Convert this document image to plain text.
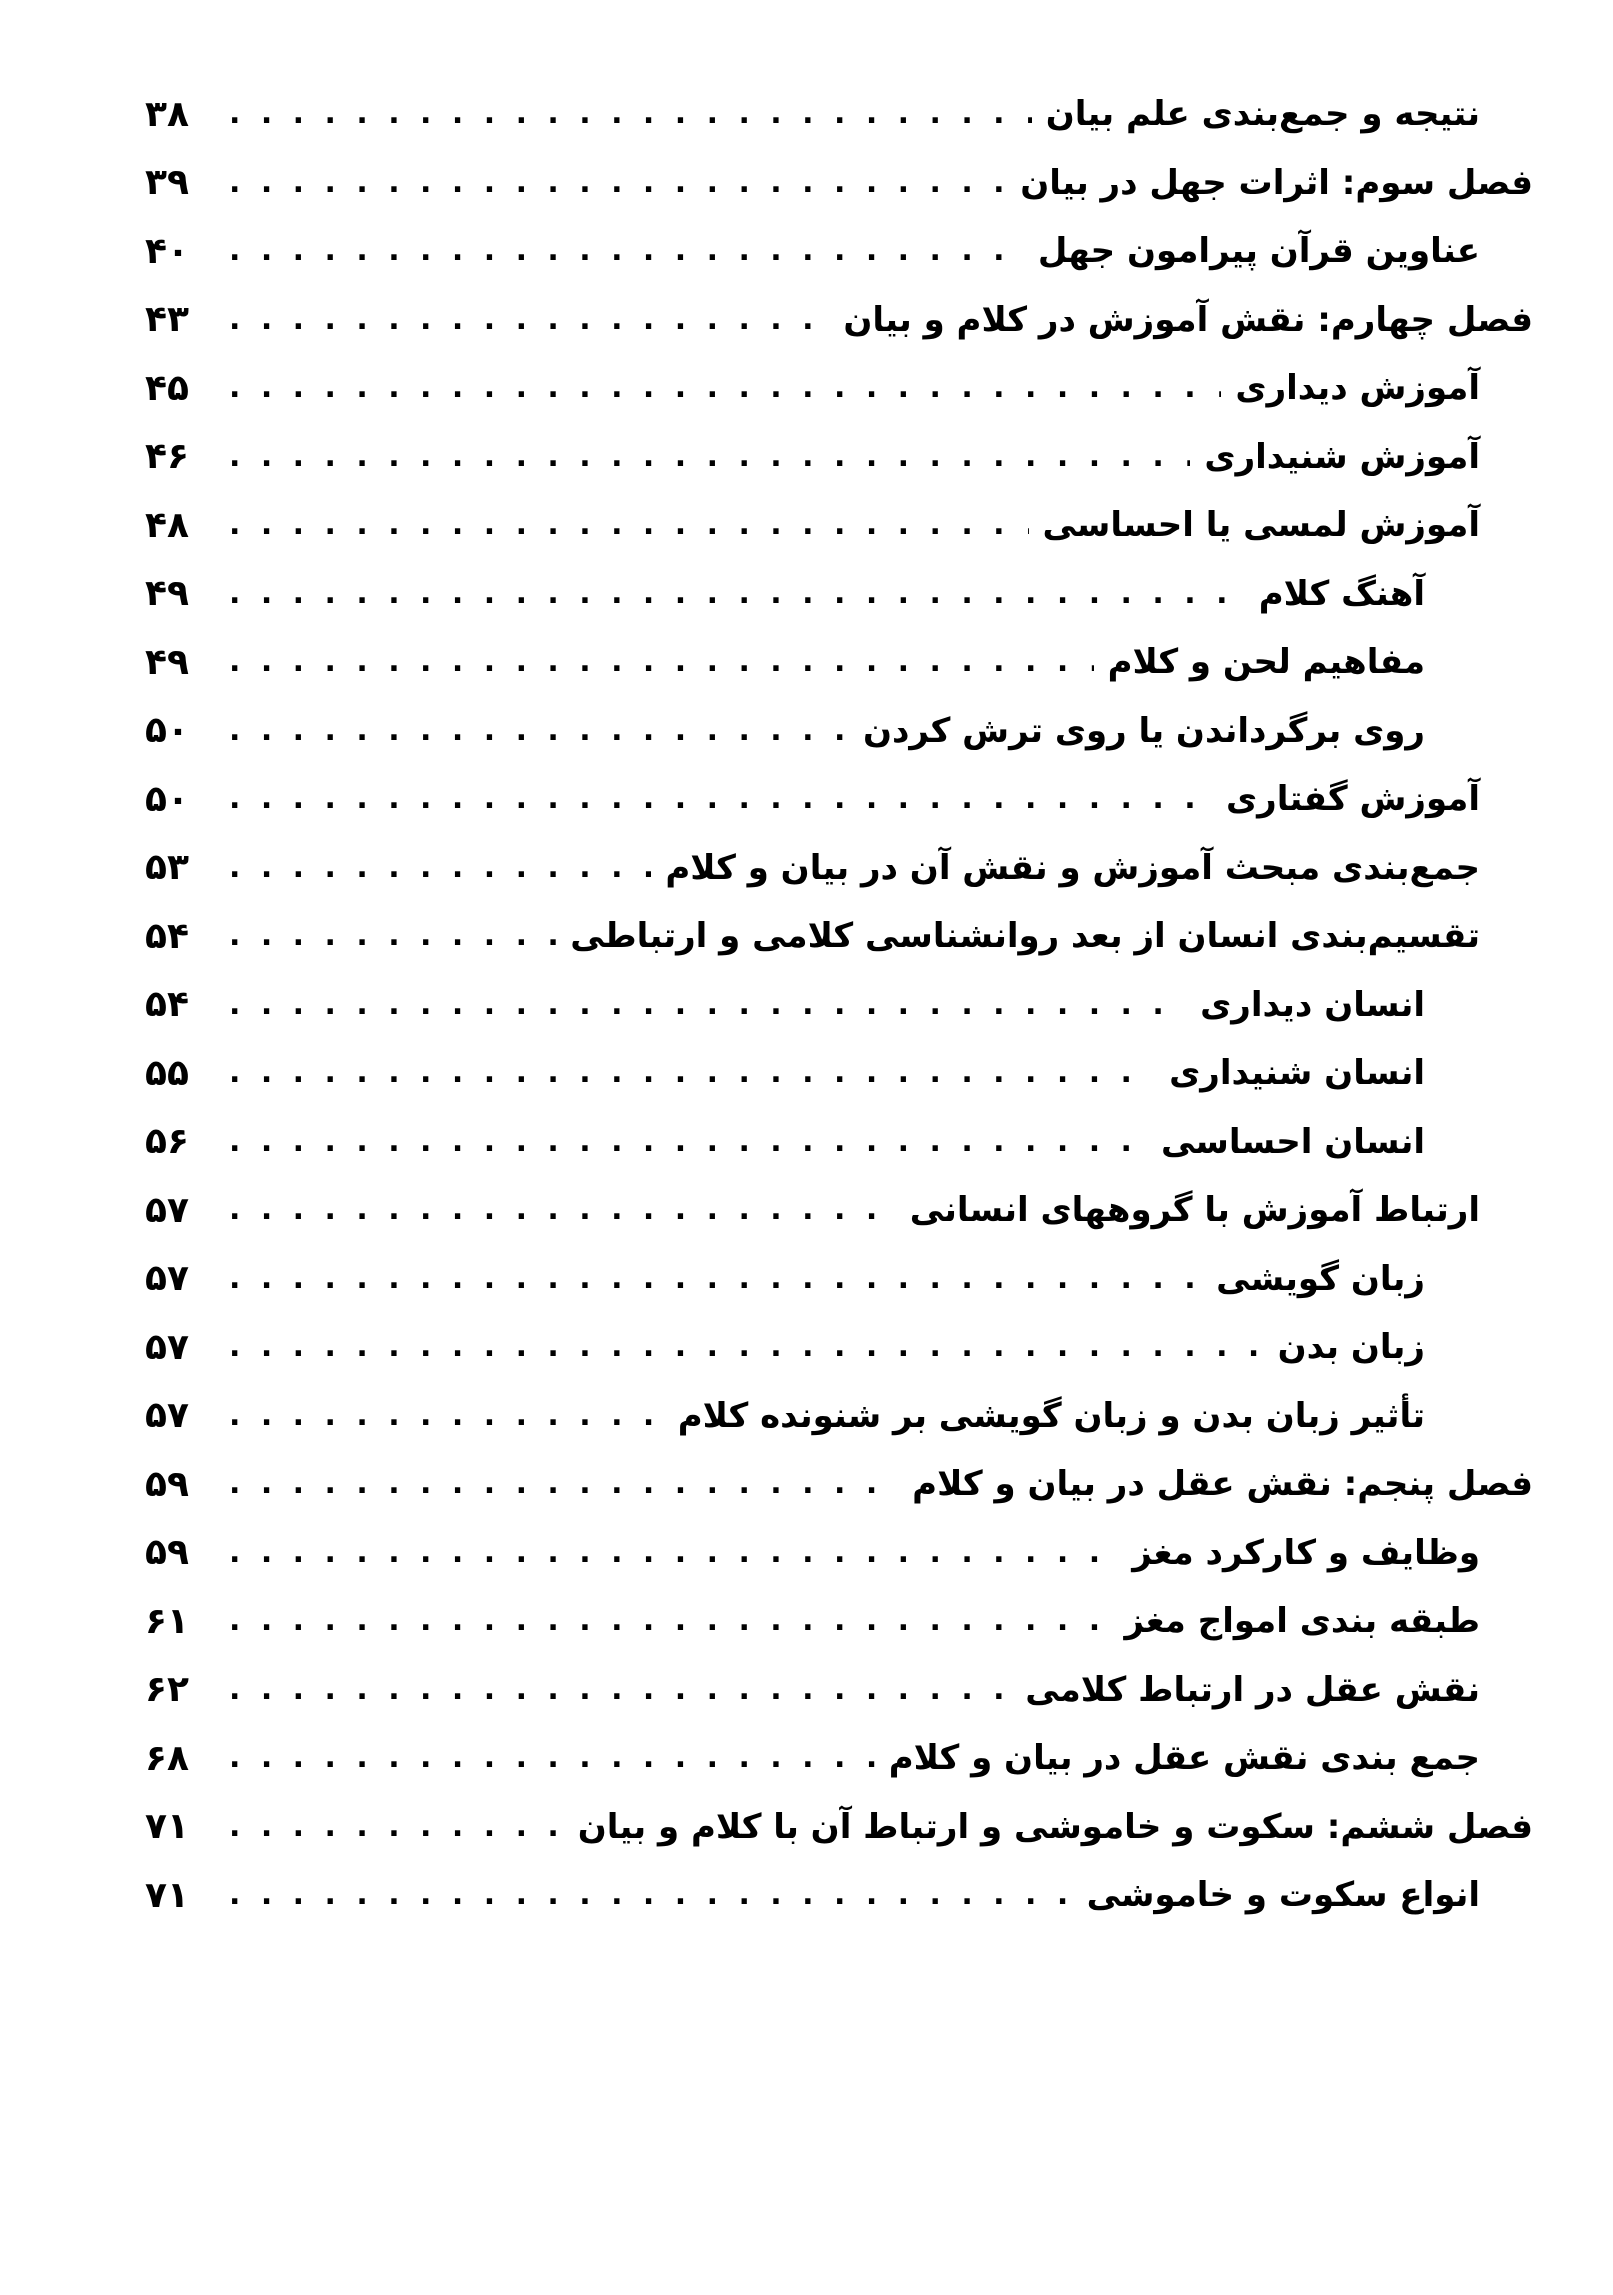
نتیجه و جمع‌بندی علم بیان
. . .
۳۸
فصل سوم: اثرات جهل در بیان
. . .
۳۹
عناوین قرآن پیرامون جهل
. . .
۴۰
فصل چهارم: نقش آموزش در کلام و بیان
. . .
۴۳
آموزش دیداری
. . .
۴۵
آموزش شنیداری
. . .
۴۶
آموزش لمسی یا احساسی
. . .
۴۸
آهنگ کلام
. . .
۴۹
مفاهیم لحن و کلام
. . .
۴۹
روی برگرداندن یا روی ترش کردن
. . .
۵۰
آموزش گفتاری
. . .
۵۰
جمع‌بندی مبحث آموزش و نقش آن در بیان و کلام
. . .
۵۳
تقسیم‌بندی انسان از بعد روانشناسی کلامی و ارتباطی
. . .
۵۴
انسان دیداری
. . .
۵۴
انسان شنیداری
. . .
۵۵
انسان احساسی
. . .
۵۶
ارتباط آموزش با گروههای انسانی
. . .
۵۷
زبان گویشی
. . .
۵۷
زبان بدن
. . .
۵۷
تأثیر زبان بدن و زبان گویشی بر شنونده کلام
. . .
۵۷
فصل پنجم: نقش عقل در بیان و کلام
. . .
۵۹
وظایف و کارکرد مغز
. . .
۵۹
طبقه بندی امواج مغز
. . .
۶۱
نقش عقل در ارتباط کلامی
. . .
۶۲
جمع بندی نقش عقل در بیان و کلام
. . .
۶۸
فصل ششم: سکوت و خاموشی و ارتباط آن با کلام و بیان
. . .
۷۱
انواع سکوت و خاموشی
. . .
۷۱
